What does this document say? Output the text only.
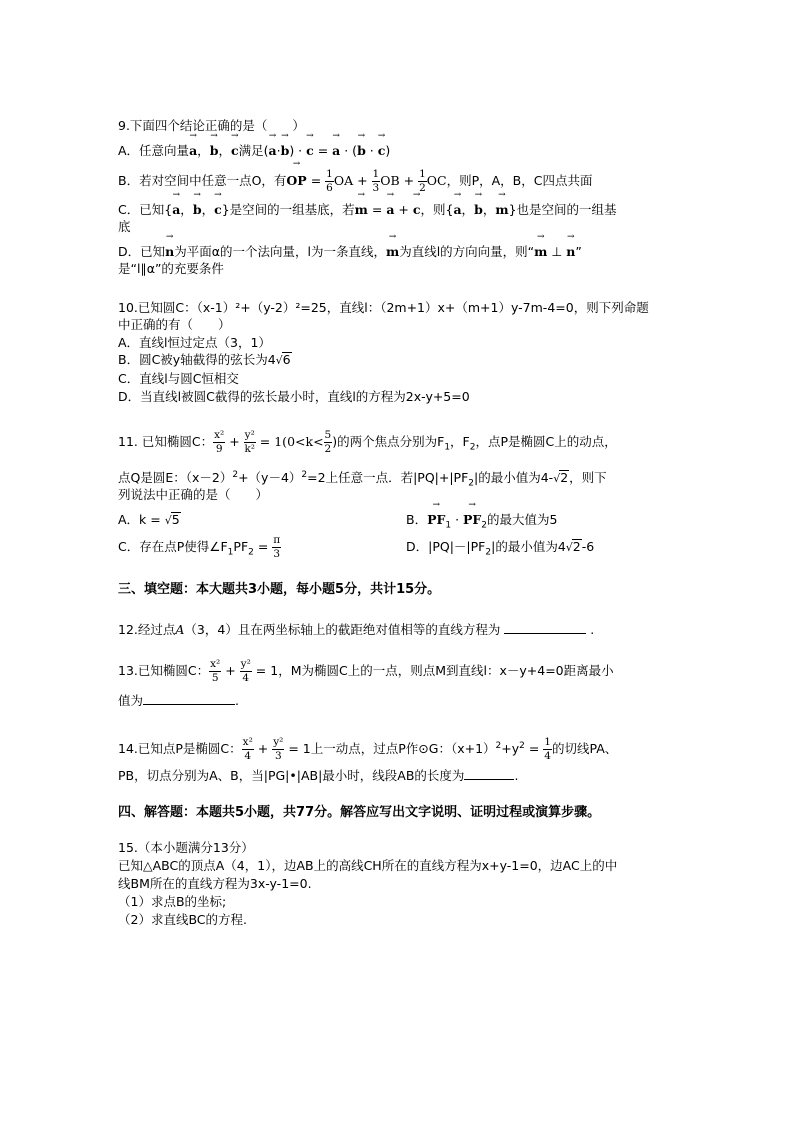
9.下面四个结论正确的是（　　）
A．任意向量→ a，→ b，→ c满足(→ a·→ b) · → c = → a · (→ b · → c)
B．若对空间中任意一点O，有→ OP = $\frac{1}{6}$ OA + $\frac{1}{3}$ OB + $\frac{1}{2}$ OC，则P，A，B，C四点共面
C．已知{→ a，→ b，→ c}是空间的一组基底，若→ m = → a + → c，则{→ a，→ b，→ m}也是空间的一组基
底
D．已知→ n为平面α的一个法向量，l为一条直线，→ m为直线l的方向向量，则“→ m ⊥ → n”
是“l∥α”的充要条件
10.已知圆C：（x-1）²+（y-2）²=25，直线l：（2m+1）x+（m+1）y-7m-4=0，则下列命题
中正确的有（　　）
A．直线l恒过定点（3，1）
B．圆C被y轴截得的弦长为4√6
C．直线l与圆C恒相交
D．当直线l被圆C截得的弦长最小时，直线l的方程为2x-y+5=0
11. 已知椭圆C： $\frac{\text{x²}}{9} + \frac{\text{y²}}{\text{k²}} = 1(0<k< \frac{5}{2}$ )的两个焦点分别为$F_1$，$F_2$，点P是椭圆C上的动点，
点Q是圆E：$(x-2)^2+(y-4)^2=2$上任意一点．若$|PQ|+|PF_2|$的最小值为4-√2，则下
列说法中正确的是（　　）
A．k = √5	B．→ $PF_1$ · → $PF_2$的最大值为5
C．存在点P使得$\angle F_1PF_2 = \frac{\pi}{3}$	D．$|PQ|-|PF_2|$的最小值为4√2-6
三、填空题：本大题共3小题，每小题5分，共计15分。
12.经过点A（3，4）且在两坐标轴上的截距绝对值相等的直线方程为	.
13.已知椭圆C： $\frac{\text{x²}}{5} + \frac{\text{y²}}{4} = 1$，M为椭圆C上的一点，则点M到直线l：x－y+4=0距离最小
值为	.
14.已知点P是椭圆C： $\frac{\text{x²}}{4} + \frac{\text{y²}}{3} = 1$上一动点，过点P作⊙G：$(x+1)^2+y^2 = \frac{1}{4}$ 的切线PA、
PB，切点分别为A、B，当|PG|•|AB|最小时，线段AB的长度为	.
四、解答题：本题共5小题，共77分。解答应写出文字说明、证明过程或演算步骤。
15.（本小题满分13分）
已知△ABC的顶点A（4，1），边AB上的高线CH所在的直线方程为x+y-1=0，边AC上的中
线BM所在的直线方程为3x-y-1=0.
（1）求点B的坐标;
（2）求直线BC的方程.
